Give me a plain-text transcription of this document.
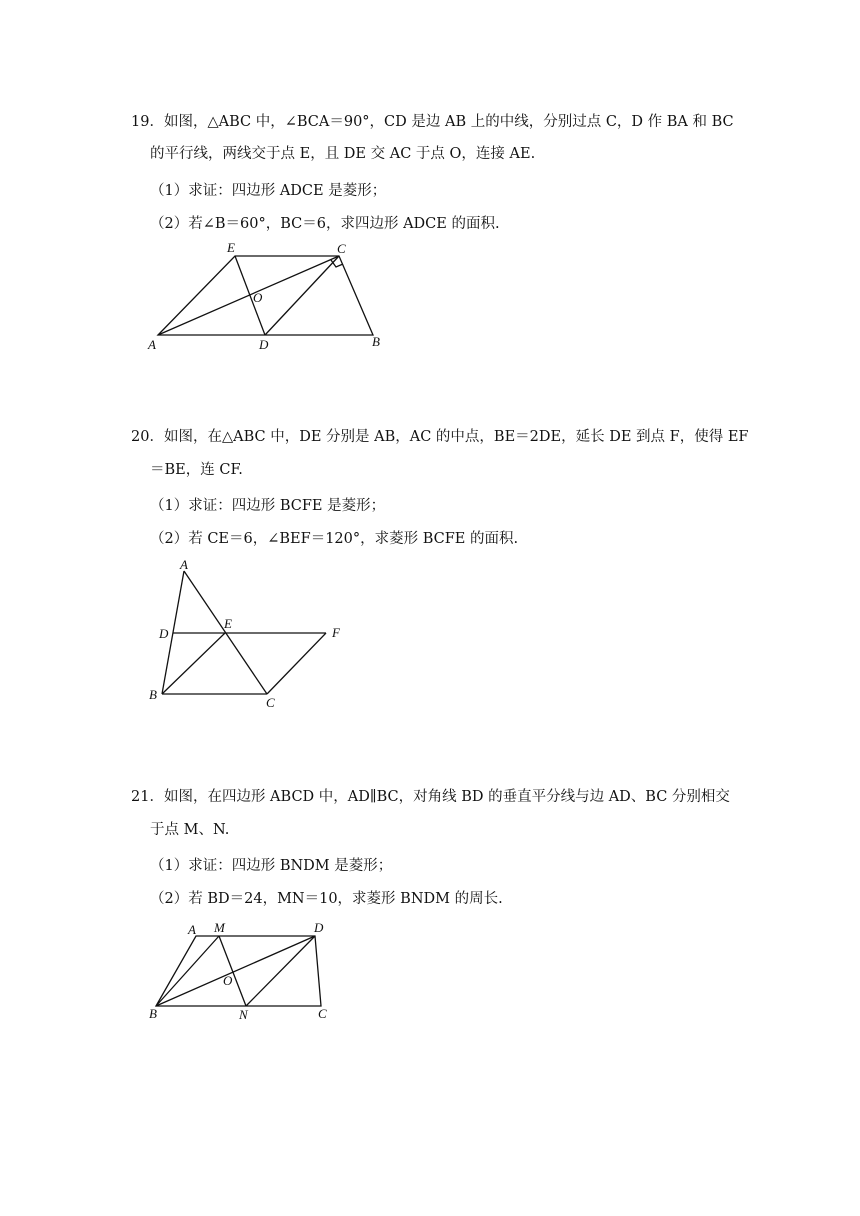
19．如图，△ABC 中，∠BCA＝90°，CD 是边 AB 上的中线，分别过点 C，D 作 BA 和 BC
的平行线，两线交于点 E，且 DE 交 AC 于点 O，连接 AE.
（1）求证：四边形 ADCE 是菱形；
（2）若∠B＝60°，BC＝6，求四边形 ADCE 的面积.
E	C
O
A	D	B
20．如图，在△ABC 中，DE 分别是 AB，AC 的中点，BE＝2DE，延长 DE 到点 F，使得 EF
＝BE，连 CF.
（1）求证：四边形 BCFE 是菱形；
（2）若 CE＝6，∠BEF＝120°，求菱形 BCFE 的面积.
A
D
E
F
B
C
21．如图，在四边形 ABCD 中，AD∥BC，对角线 BD 的垂直平分线与边 AD、BC 分别相交
于点 M、N.
（1）求证：四边形 BNDM 是菱形；
（2）若 BD＝24，MN＝10，求菱形 BNDM 的周长.
A M	D
O
B	N	C
